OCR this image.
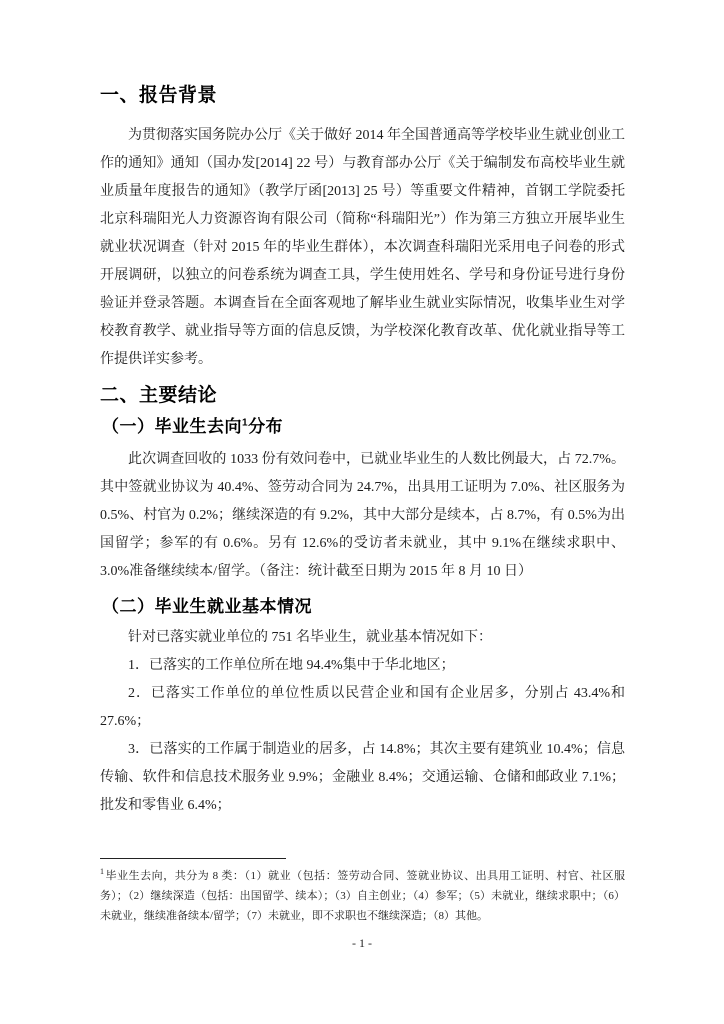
一、报告背景

为贯彻落实国务院办公厅《关于做好 2014 年全国普通高等学校毕业生就业创业工作的通知》通知（国办发[2014] 22 号）与教育部办公厅《关于编制发布高校毕业生就业质量年度报告的通知》（教学厅函[2013] 25 号）等重要文件精神，首钢工学院委托北京科瑞阳光人力资源咨询有限公司（简称“科瑞阳光”）作为第三方独立开展毕业生就业状况调查（针对 2015 年的毕业生群体），本次调查科瑞阳光采用电子问卷的形式开展调研，以独立的问卷系统为调查工具，学生使用姓名、学号和身份证号进行身份验证并登录答题。本调查旨在全面客观地了解毕业生就业实际情况，收集毕业生对学校教育教学、就业指导等方面的信息反馈，为学校深化教育改革、优化就业指导等工作提供详实参考。

二、主要结论
（一）毕业生去向$^1$分布

此次调查回收的 1033 份有效问卷中，已就业毕业生的人数比例最大，占 72.7%。其中签就业协议为 40.4%、签劳动合同为 24.7%，出具用工证明为 7.0%、社区服务为 0.5%、村官为 0.2%；继续深造的有 9.2%，其中大部分是续本，占 8.7%，有 0.5%为出国留学；参军的有 0.6%。另有 12.6%的受访者未就业，其中 9.1%在继续求职中、3.0%准备继续续本/留学。（备注：统计截至日期为 2015 年 8 月 10 日）

（二）毕业生就业基本情况

针对已落实就业单位的 751 名毕业生，就业基本情况如下：

1．已落实的工作单位所在地 94.4%集中于华北地区；

2．已落实工作单位的单位性质以民营企业和国有企业居多，分别占 43.4%和 27.6%；

3．已落实的工作属于制造业的居多，占 14.8%；其次主要有建筑业 10.4%；信息传输、软件和信息技术服务业 9.9%；金融业 8.4%；交通运输、仓储和邮政业 7.1%；批发和零售业 6.4%；

$^1$毕业生去向，共分为 8 类：（1）就业（包括：签劳动合同、签就业协议、出具用工证明、村官、社区服务）；（2）继续深造（包括：出国留学、续本）；（3）自主创业；（4）参军；（5）未就业，继续求职中；（6）未就业，继续准备续本/留学；（7）未就业，即不求职也不继续深造；（8）其他。

- 1 -
